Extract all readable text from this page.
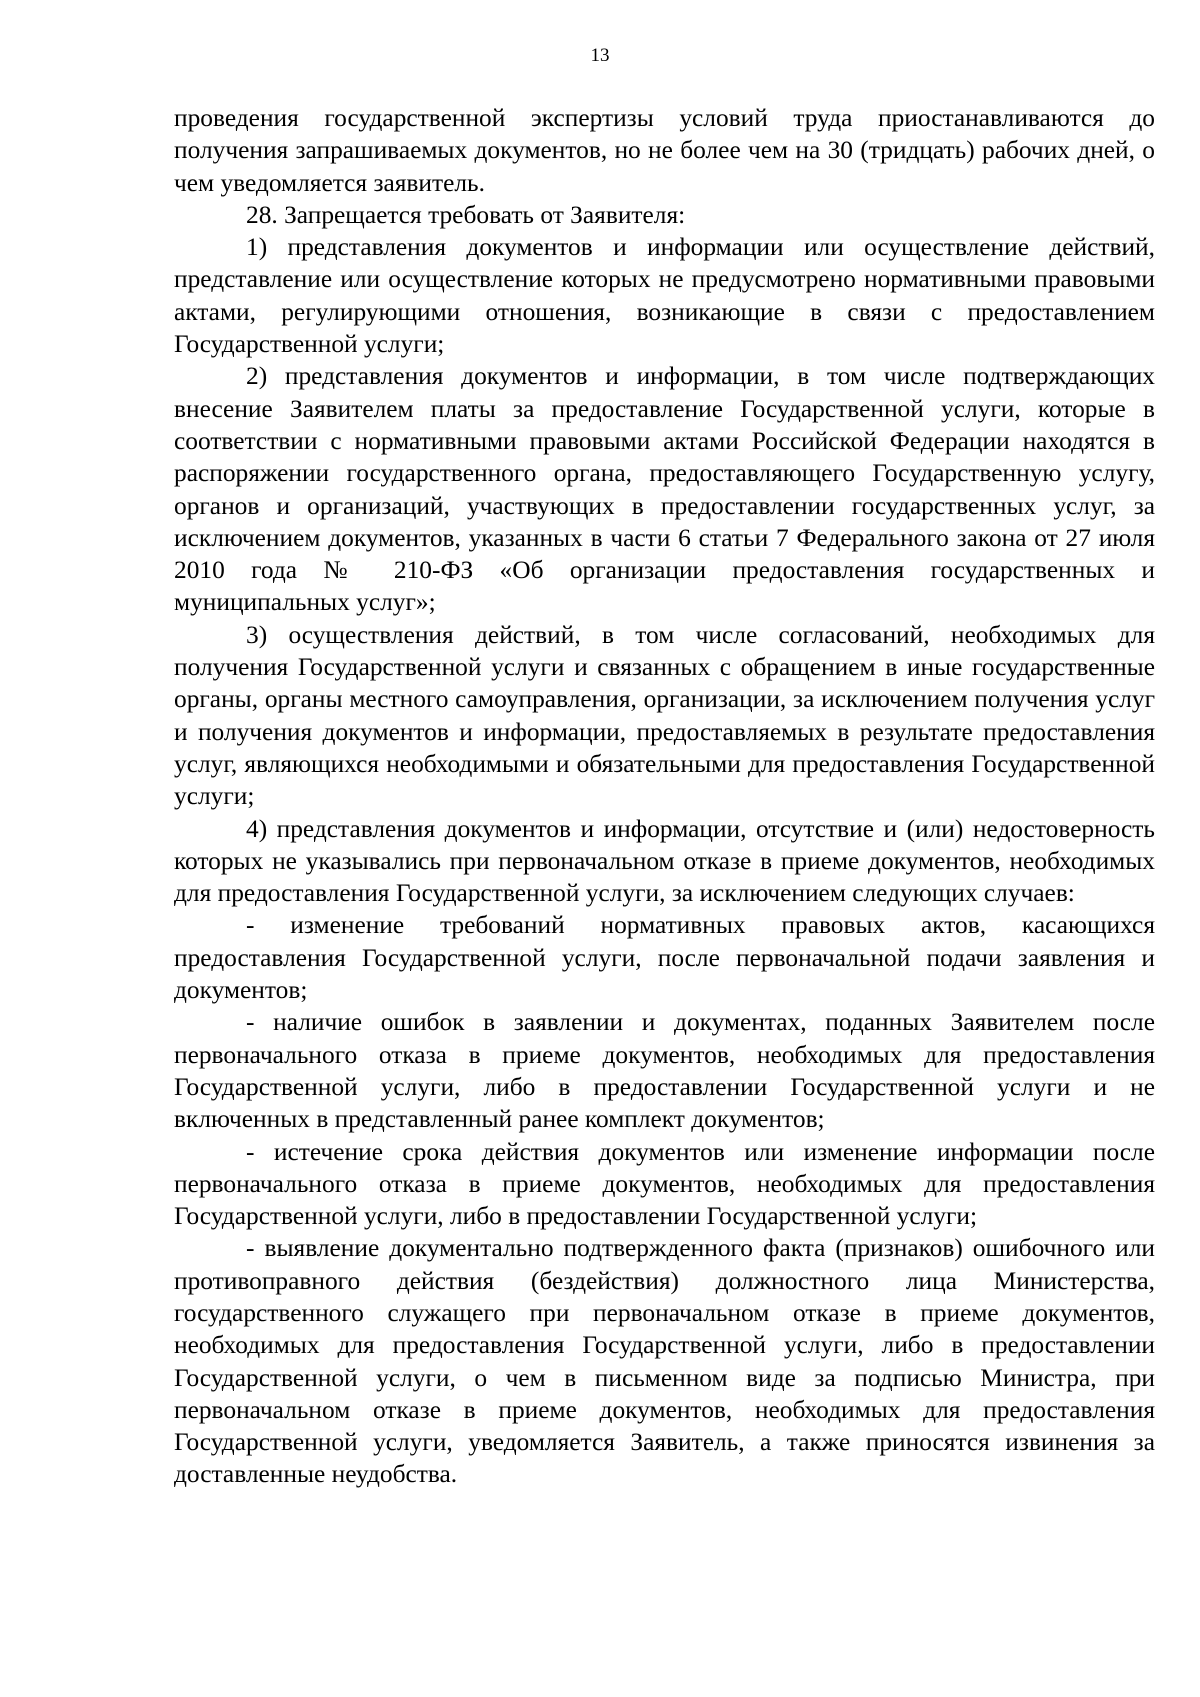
13

проведения государственной экспертизы условий труда приостанавливаются до получения запрашиваемых документов, но не более чем на 30 (тридцать) рабочих дней, о чем уведомляется заявитель.

28. Запрещается требовать от Заявителя:

1) представления документов и информации или осуществление действий, представление или осуществление которых не предусмотрено нормативными правовыми актами, регулирующими отношения, возникающие в связи с предоставлением Государственной услуги;

2) представления документов и информации, в том числе подтверждающих внесение Заявителем платы за предоставление Государственной услуги, которые в соответствии с нормативными правовыми актами Российской Федерации находятся в распоряжении государственного органа, предоставляющего Государственную услугу, органов и организаций, участвующих в предоставлении государственных услуг, за исключением документов, указанных в части 6 статьи 7 Федерального закона от 27 июля 2010 года № 210-ФЗ «Об организации предоставления государственных и муниципальных услуг»;

3) осуществления действий, в том числе согласований, необходимых для получения Государственной услуги и связанных с обращением в иные государственные органы, органы местного самоуправления, организации, за исключением получения услуг и получения документов и информации, предоставляемых в результате предоставления услуг, являющихся необходимыми и обязательными для предоставления Государственной услуги;

4) представления документов и информации, отсутствие и (или) недостоверность которых не указывались при первоначальном отказе в приеме документов, необходимых для предоставления Государственной услуги, за исключением следующих случаев:

- изменение требований нормативных правовых актов, касающихся предоставления Государственной услуги, после первоначальной подачи заявления и документов;

- наличие ошибок в заявлении и документах, поданных Заявителем после первоначального отказа в приеме документов, необходимых для предоставления Государственной услуги, либо в предоставлении Государственной услуги и не включенных в представленный ранее комплект документов;

- истечение срока действия документов или изменение информации после первоначального отказа в приеме документов, необходимых для предоставления Государственной услуги, либо в предоставлении Государственной услуги;

- выявление документально подтвержденного факта (признаков) ошибочного или противоправного действия (бездействия) должностного лица Министерства, государственного служащего при первоначальном отказе в приеме документов, необходимых для предоставления Государственной услуги, либо в предоставлении Государственной услуги, о чем в письменном виде за подписью Министра, при первоначальном отказе в приеме документов, необходимых для предоставления Государственной услуги, уведомляется Заявитель, а также приносятся извинения за доставленные неудобства.
